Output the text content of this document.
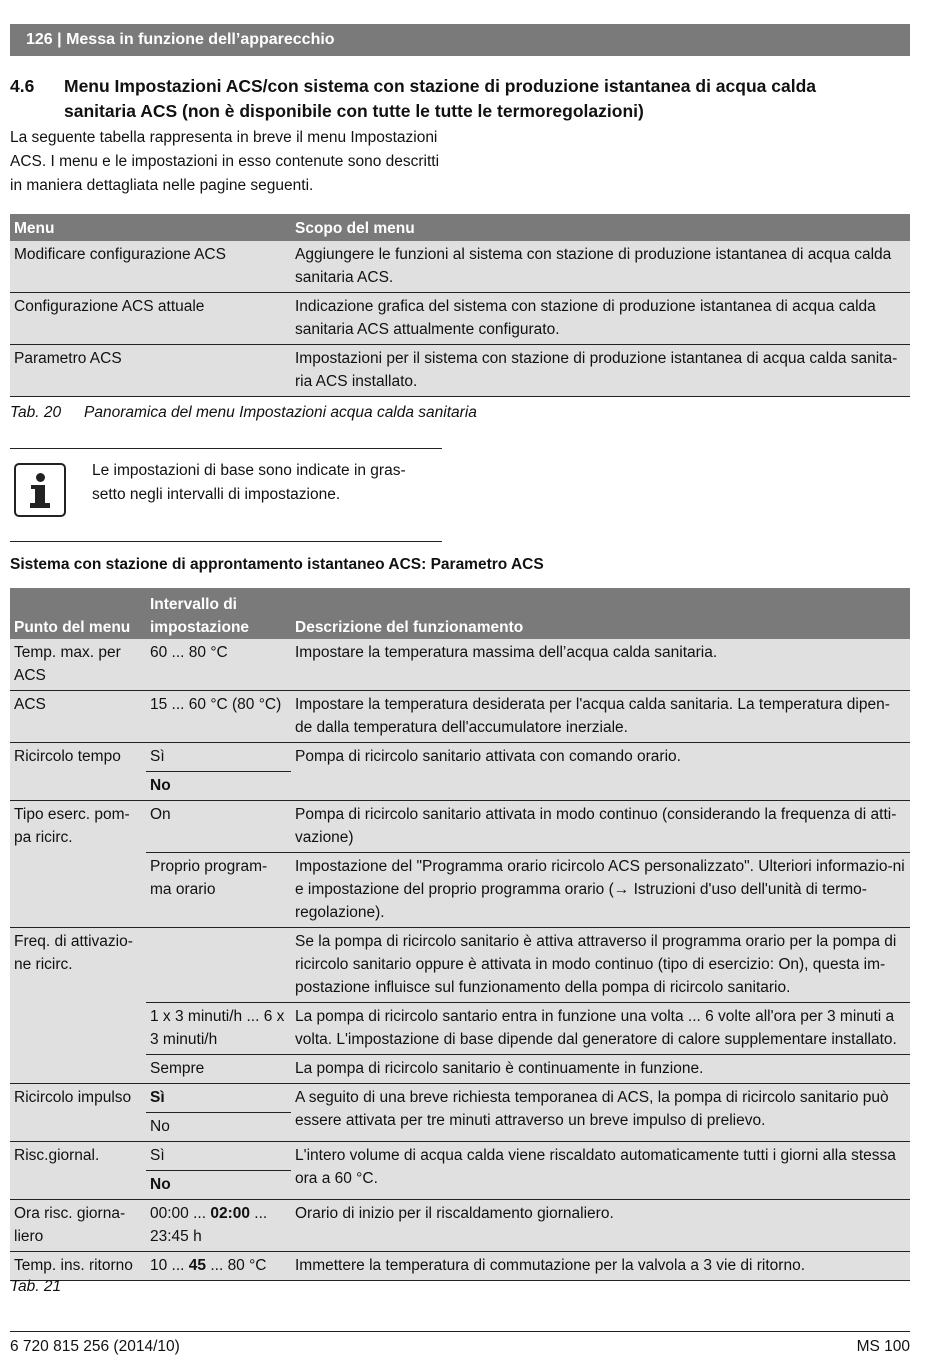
126 | Messa in funzione dell’apparecchio
4.6 Menu Impostazioni ACS/con sistema con stazione di produzione istantanea di acqua calda sanitaria ACS (non è disponibile con tutte le tutte le termoregolazioni)
La seguente tabella rappresenta in breve il menu Impostazioni ACS. I menu e le impostazioni in esso contenute sono descritti in maniera dettagliata nelle pagine seguenti.
Menu	Scopo del menu
Modificare configurazione ACS	Aggiungere le funzioni al sistema con stazione di produzione istantanea di acqua calda sanitaria ACS.
Configurazione ACS attuale	Indicazione grafica del sistema con stazione di produzione istantanea di acqua calda sanitaria ACS attualmente configurato.
Parametro ACS	Impostazioni per il sistema con stazione di produzione istantanea di acqua calda sanita-ria ACS installato.
Tab. 20 Panoramica del menu Impostazioni acqua calda sanitaria
Le impostazioni di base sono indicate in gras-setto negli intervalli di impostazione.
Sistema con stazione di approntamento istantaneo ACS: Parametro ACS
Punto del menu	Intervallo di impostazione	Descrizione del funzionamento
Temp. max. per ACS	60 ... 80 °C	Impostare la temperatura massima dell’acqua calda sanitaria.
ACS	15 ... 60 °C (80 °C)	Impostare la temperatura desiderata per l'acqua calda sanitaria. La temperatura dipen-de dalla temperatura dell'accumulatore inerziale.
Ricircolo tempo	Sì	Pompa di ricircolo sanitario attivata con comando orario.
	No	
Tipo eserc. pom-pa ricirc.	On	Pompa di ricircolo sanitario attivata in modo continuo (considerando la frequenza di atti-vazione)
	Proprio program-ma orario	Impostazione del "Programma orario ricircolo ACS personalizzato". Ulteriori informazio-ni e impostazione del proprio programma orario (→ Istruzioni d'uso dell'unità di termo-regolazione).
Freq. di attivazio-ne ricirc.		Se la pompa di ricircolo sanitario è attiva attraverso il programma orario per la pompa di ricircolo sanitario oppure è attivata in modo continuo (tipo di esercizio: On), questa im-postazione influisce sul funzionamento della pompa di ricircolo sanitario.
	1 x 3 minuti/h ... 6 x 3 minuti/h	La pompa di ricircolo santario entra in funzione una volta ... 6 volte all'ora per 3 minuti a volta. L'impostazione di base dipende dal generatore di calore supplementare installato.
	Sempre	La pompa di ricircolo sanitario è continuamente in funzione.
Ricircolo impulso	Sì	A seguito di una breve richiesta temporanea di ACS, la pompa di ricircolo sanitario può essere attivata per tre minuti attraverso un breve impulso di prelievo.
	No	
Risc.giornal.	Sì	L'intero volume di acqua calda viene riscaldato automaticamente tutti i giorni alla stessa ora a 60 °C.
	No	
Ora risc. giorna-liero	00:00 ... 02:00 ... 23:45 h	Orario di inizio per il riscaldamento giornaliero.
Temp. ins. ritorno	10 ... 45 ... 80 °C	Immettere la temperatura di commutazione per la valvola a 3 vie di ritorno.
Tab. 21
6 720 815 256 (2014/10)	MS 100
